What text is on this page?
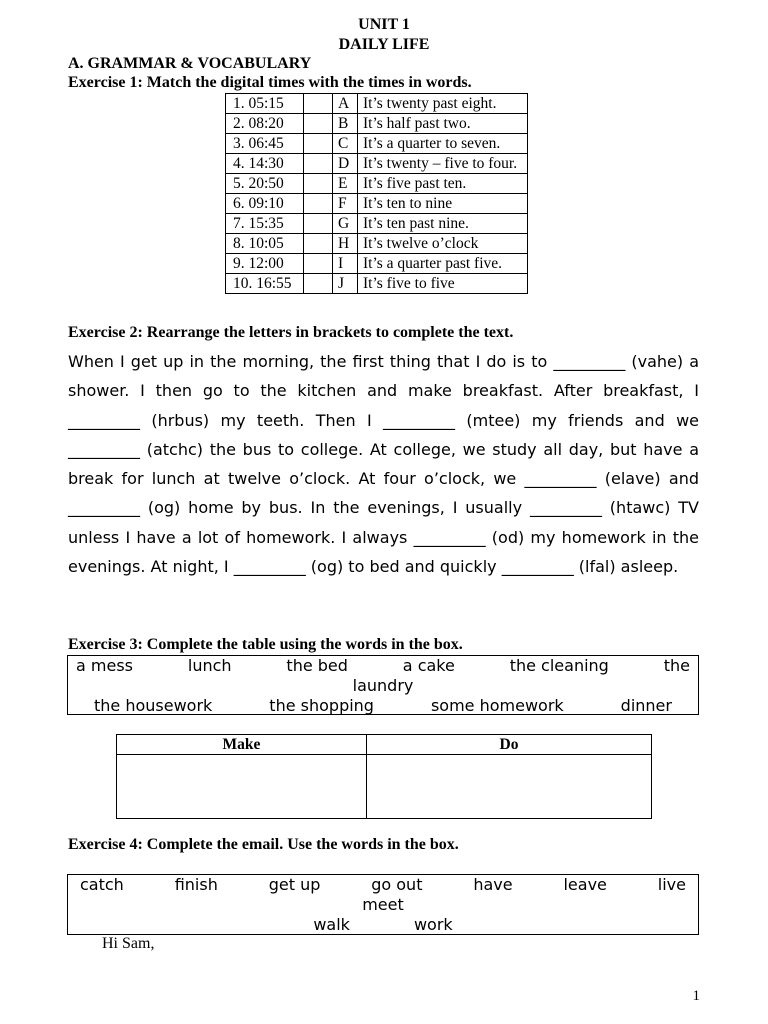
UNIT 1
DAILY LIFE
A. GRAMMAR & VOCABULARY
Exercise 1: Match the digital times with the times in words.
1. 05:15		A	It’s twenty past eight.
2. 08:20		B	It’s half past two.
3. 06:45		C	It’s a quarter to seven.
4. 14:30		D	It’s twenty – five to four.
5. 20:50		E	It’s five past ten.
6. 09:10		F	It’s ten to nine
7. 15:35		G	It’s ten past nine.
8. 10:05		H	It’s twelve o’clock
9. 12:00		I	It’s a quarter past five.
10. 16:55		J	It’s five to five
Exercise 2: Rearrange the letters in brackets to complete the text.
When I get up in the morning, the first thing that I do is to _________ (vahe) a shower. I then go to the kitchen and make breakfast. After breakfast, I _________ (hrbus) my teeth. Then I _________ (mtee) my friends and we _________ (atchc) the bus to college. At college, we study all day, but have a break for lunch at twelve o’clock. At four o’clock, we _________ (elave) and _________ (og) home by bus. In the evenings, I usually _________ (htawc) TV unless I have a lot of homework. I always _________ (od) my homework in the evenings. At night, I _________ (og) to bed and quickly _________ (lfal) asleep.
Exercise 3: Complete the table using the words in the box.
a mess	lunch	the bed	a cake	the cleaning	the
laundry
the housework	the shopping	some homework	dinner
Make	Do

Exercise 4: Complete the email. Use the words in the box.
catch	finish	get up	go out	have	leave	live
meet
walk	work
Hi Sam,
1
